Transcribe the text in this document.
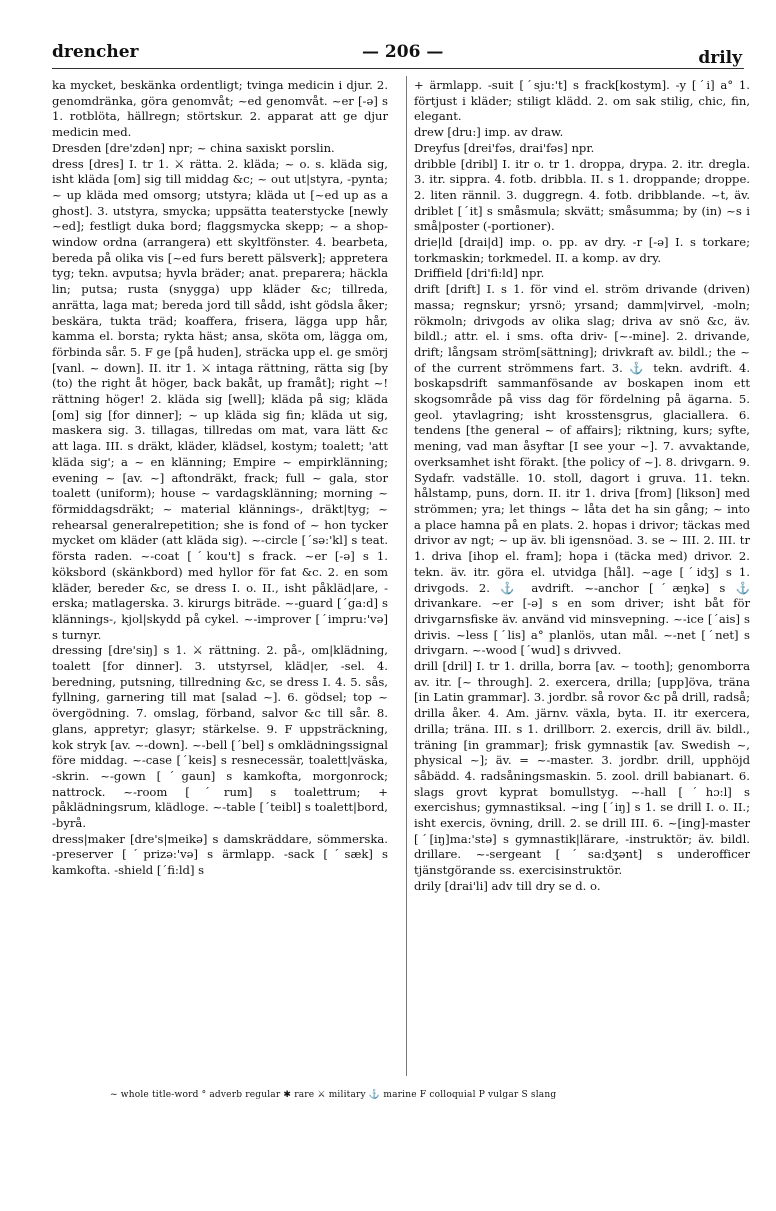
drencher	— 206 —	drily

ka mycket, beskänka ordentligt; tvinga medicin i djur. 2. genomdränka, göra genomvåt; ~ed genomvåt. ~er [-ə] s 1. rotblöta, hällregn; störtskur. 2. apparat att ge djur medicin med.

Dresden [dre'zdən] npr; ~ china saxiskt porslin.

dress [dres] I. tr 1. ⚔ rätta. 2. kläda; ~ o. s. kläda sig, isht kläda [om] sig till middag &c; ~ out ut|styra, -pynta; ~ up kläda med omsorg; utstyra; kläda ut [~ed up as a ghost]. 3. utstyra, smycka; uppsätta teaterstycke [newly ~ed]; festligt duka bord; flaggsmycka skepp; ~ a shop-window ordna (arrangera) ett skyltfönster. 4. bearbeta, bereda på olika vis [~ed furs berett pälsverk]; appretera tyg; tekn. avputsa; hyvla bräder; anat. preparera; häckla lin; putsa; rusta (snygga) upp kläder &c; tillreda, anrätta, laga mat; bereda jord till sådd, isht gödsla åker; beskära, tukta träd; koaffera, frisera, lägga upp hår, kamma el. borsta; rykta häst; ansa, sköta om, lägga om, förbinda sår. 5. F ge [på huden], sträcka upp el. ge smörj [vanl. ~ down]. II. itr 1. ⚔ intaga rättning, rätta sig [by (to) the right åt höger, back bakåt, up framåt]; right ~! rättning höger! 2. kläda sig [well]; kläda på sig; kläda [om] sig [for dinner]; ~ up kläda sig fin; kläda ut sig, maskera sig. 3. tillagas, tillredas om mat, vara lätt &c att laga. III. s dräkt, kläder, klädsel, kostym; toalett; 'att kläda sig'; a ~ en klänning; Empire ~ empirklänning; evening ~ [av. ~] aftondräkt, frack; full ~ gala, stor toalett (uniform); house ~ vardagsklänning; morning ~ förmiddagsdräkt; ~ material klännings-, dräkt|tyg; ~ rehearsal generalrepetition; she is fond of ~ hon tycker mycket om kläder (att kläda sig). ~-circle [ˊsə:'kl] s teat. första raden. ~-coat [ˊkou't] s frack. ~er [-ə] s 1. köksbord (skänkbord) med hyllor för fat &c. 2. en som kläder, bereder &c, se dress I. o. II., isht påkläd|are, -erska; matlagerska. 3. kirurgs biträde. ~-guard [ˊga:d] s klännings-, kjol|skydd på cykel. ~-improver [ˊimpru:'və] s turnyr.

dressing [dre'siŋ] s 1. ⚔ rättning. 2. på-, om|klädning, toalett [for dinner]. 3. utstyrsel, kläd|er, -sel. 4. beredning, putsning, tillredning &c, se dress I. 4. 5. sås, fyllning, garnering till mat [salad ~]. 6. gödsel; top ~ övergödning. 7. omslag, förband, salvor &c till sår. 8. glans, appretyr; glasyr; stärkelse. 9. F uppsträckning, kok stryk [av. ~-down]. ~-bell [ˊbel] s omklädningssignal före middag. ~-case [ˊkeis] s resnecessär, toalett|väska, -skrin. ~-gown [ˊgaun] s kamkofta, morgonrock; nattrock. ~-room [ˊrum] s toalettrum; + påklädningsrum, klädloge. ~-table [ˊteibl] s toalett|bord, -byrå.

dress|maker [dre's|meikə] s damskräddare, sömmerska. -preserver [ˊprizə:'və] s ärmlapp. -sack [ˊsæk] s kamkofta. -shield [ˊfi:ld] s

+ ärmlapp. -suit [ˊsju:'t] s frack[kostym]. -y [ˊi] a° 1. förtjust i kläder; stiligt klädd. 2. om sak stilig, chic, fin, elegant.

drew [dru:] imp. av draw.

Dreyfus [drei'fəs, drai'fəs] npr.

dribble [dribl] I. itr o. tr 1. droppa, drypa. 2. itr. dregla. 3. itr. sippra. 4. fotb. dribbla. II. s 1. droppande; droppe. 2. liten rännil. 3. duggregn. 4. fotb. dribblande. ~t, äv. driblet [ˊit] s småsmula; skvätt; småsumma; by (in) ~s i små|poster (-portioner).

drie|ld [drai|d] imp. o. pp. av dry. -r [-ə] I. s torkare; torkmaskin; torkmedel. II. a komp. av dry.

Driffield [dri'fi:ld] npr.

drift [drift] I. s 1. för vind el. ström drivande (driven) massa; regnskur; yrsnö; yrsand; damm|virvel, -moln; rökmoln; drivgods av olika slag; driva av snö &c, äv. bildl.; attr. el. i sms. ofta driv- [~-mine]. 2. drivande, drift; långsam ström[sättning]; drivkraft av. bildl.; the ~ of the current strömmens fart. 3. ⚓ tekn. avdrift. 4. boskapsdrift sammanfösande av boskapen inom ett skogsområde på viss dag för fördelning på ägarna. 5. geol. ytavlagring; isht krosstensgrus, glaciallera. 6. tendens [the general ~ of affairs]; riktning, kurs; syfte, mening, vad man åsyftar [I see your ~]. 7. avvaktande, overksamhet isht förakt. [the policy of ~]. 8. drivgarn. 9. Sydafr. vadställe. 10. stoll, dagort i gruva. 11. tekn. hålstamp, puns, dorn. II. itr 1. driva [from] [likson] med strömmen; yra; let things ~ låta det ha sin gång; ~ into a place hamna på en plats. 2. hopas i drivor; täckas med drivor av ngt; ~ up äv. bli igensnöad. 3. se ~ III. 2. III. tr 1. driva [ihop el. fram]; hopa i (täcka med) drivor. 2. tekn. äv. itr. göra el. utvidga [hål]. ~age [ˊidʒ] s 1. drivgods. 2. ⚓ avdrift. ~-anchor [ˊæŋkə] s ⚓ drivankare. ~er [-ə] s en som driver; isht båt för drivgarnsfiske äv. använd vid minsvepning. ~-ice [ˊais] s drivis. ~less [ˊlis] a° planlös, utan mål. ~-net [ˊnet] s drivgarn. ~-wood [ˊwud] s drivved.

drill [dril] I. tr 1. drilla, borra [av. ~ tooth]; genomborra av. itr. [~ through]. 2. exercera, drilla; [upp]öva, träna [in Latin grammar]. 3. jordbr. så rovor &c på drill, radså; drilla åker. 4. Am. järnv. växla, byta. II. itr exercera, drilla; träna. III. s 1. drillborr. 2. exercis, drill äv. bildl., träning [in grammar]; frisk gymnastik [av. Swedish ~, physical ~]; äv. = ~-master. 3. jordbr. drill, upphöjd såbädd. 4. radsåningsmaskin. 5. zool. drill babianart. 6. slags grovt kyprat bomullstyg. ~-hall [ˊhɔ:l] s exercishus; gymnastiksal. ~ing [ˊiŋ] s 1. se drill I. o. II.; isht exercis, övning, drill. 2. se drill III. 6. ~[ing]-master [ˊ[iŋ]ma:'stə] s gymnastik|lärare, -instruktör; äv. bildl. drillare. ~-sergeant [ˊsa:dʒənt] s underofficer tjänstgörande ss. exercisinstruktör.

drily [drai'li] adv till dry se d. o.

~ whole title-word ° adverb regular ✱ rare ⚔ military ⚓ marine F colloquial P vulgar S slang
